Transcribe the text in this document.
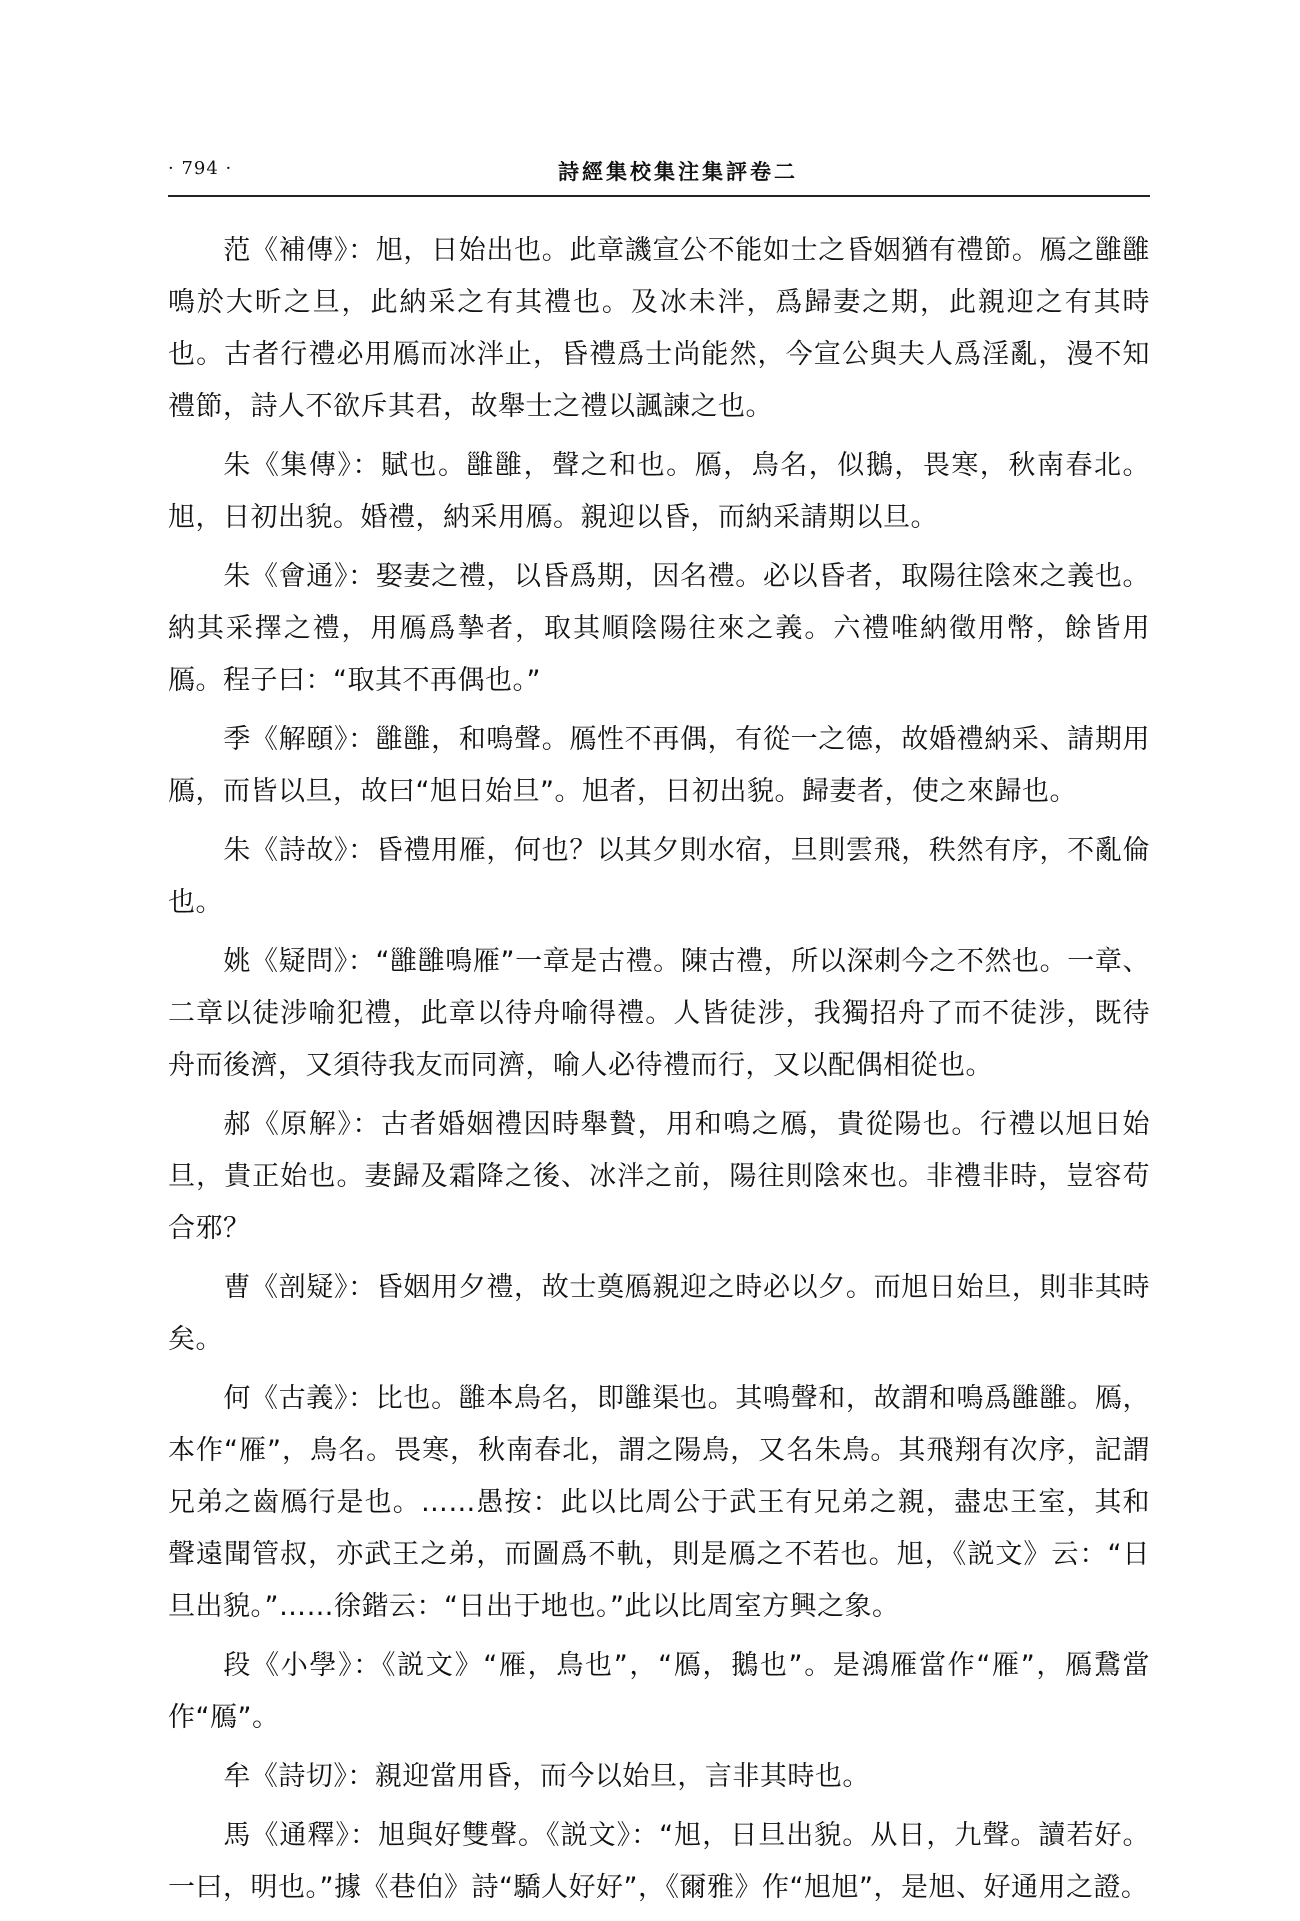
· 794 ·	詩經集校集注集評卷二

范《補傳》：旭，日始出也。此章譏宣公不能如士之昏姻猶有禮節。鴈之雝雝鳴於大昕之旦，此納采之有其禮也。及冰未泮，爲歸妻之期，此親迎之有其時也。古者行禮必用鴈而冰泮止，昏禮爲士尚能然，今宣公與夫人爲淫亂，漫不知禮節，詩人不欲斥其君，故舉士之禮以諷諫之也。

朱《集傳》：賦也。雝雝，聲之和也。鴈，鳥名，似鵝，畏寒，秋南春北。旭，日初出貌。婚禮，納采用鴈。親迎以昏，而納采請期以旦。

朱《會通》：娶妻之禮，以昏爲期，因名禮。必以昏者，取陽往陰來之義也。納其采擇之禮，用鴈爲摯者，取其順陰陽往來之義。六禮唯納徵用幣，餘皆用鴈。程子曰：“取其不再偶也。”

季《解頤》：雝雝，和鳴聲。鴈性不再偶，有從一之德，故婚禮納采、請期用鴈，而皆以旦，故曰“旭日始旦”。旭者，日初出貌。歸妻者，使之來歸也。

朱《詩故》：昏禮用雁，何也？以其夕則水宿，旦則雲飛，秩然有序，不亂倫也。

姚《疑問》：“雝雝鳴雁”一章是古禮。陳古禮，所以深刺今之不然也。一章、二章以徒涉喻犯禮，此章以待舟喻得禮。人皆徒涉，我獨招舟了而不徒涉，既待舟而後濟，又須待我友而同濟，喻人必待禮而行，又以配偶相從也。

郝《原解》：古者婚姻禮因時舉贄，用和鳴之鴈，貴從陽也。行禮以旭日始旦，貴正始也。妻歸及霜降之後、冰泮之前，陽往則陰來也。非禮非時，豈容苟合邪？

曹《剖疑》：昏姻用夕禮，故士奠鴈親迎之時必以夕。而旭日始旦，則非其時矣。

何《古義》：比也。雝本鳥名，即雝渠也。其鳴聲和，故謂和鳴爲雝雝。鴈，本作“雁”，鳥名。畏寒，秋南春北，謂之陽鳥，又名朱鳥。其飛翔有次序，記謂兄弟之齒鴈行是也。……愚按：此以比周公于武王有兄弟之親，盡忠王室，其和聲遠聞管叔，亦武王之弟，而圖爲不軌，則是鴈之不若也。旭，《説文》云：“日旦出貌。”……徐鍇云：“日出于地也。”此以比周室方興之象。

段《小學》：《説文》“雁，鳥也”，“鴈，鵝也”。是鴻雁當作“雁”，鴈鵞當作“鴈”。

牟《詩切》：親迎當用昏，而今以始旦，言非其時也。

馬《通釋》：旭與好雙聲。《説文》：“旭，日旦出貌。从日，九聲。讀若好。一曰，明也。”據《巷伯》詩“驕人好好”，《爾雅》作“旭旭”，是旭、好通用之證。
